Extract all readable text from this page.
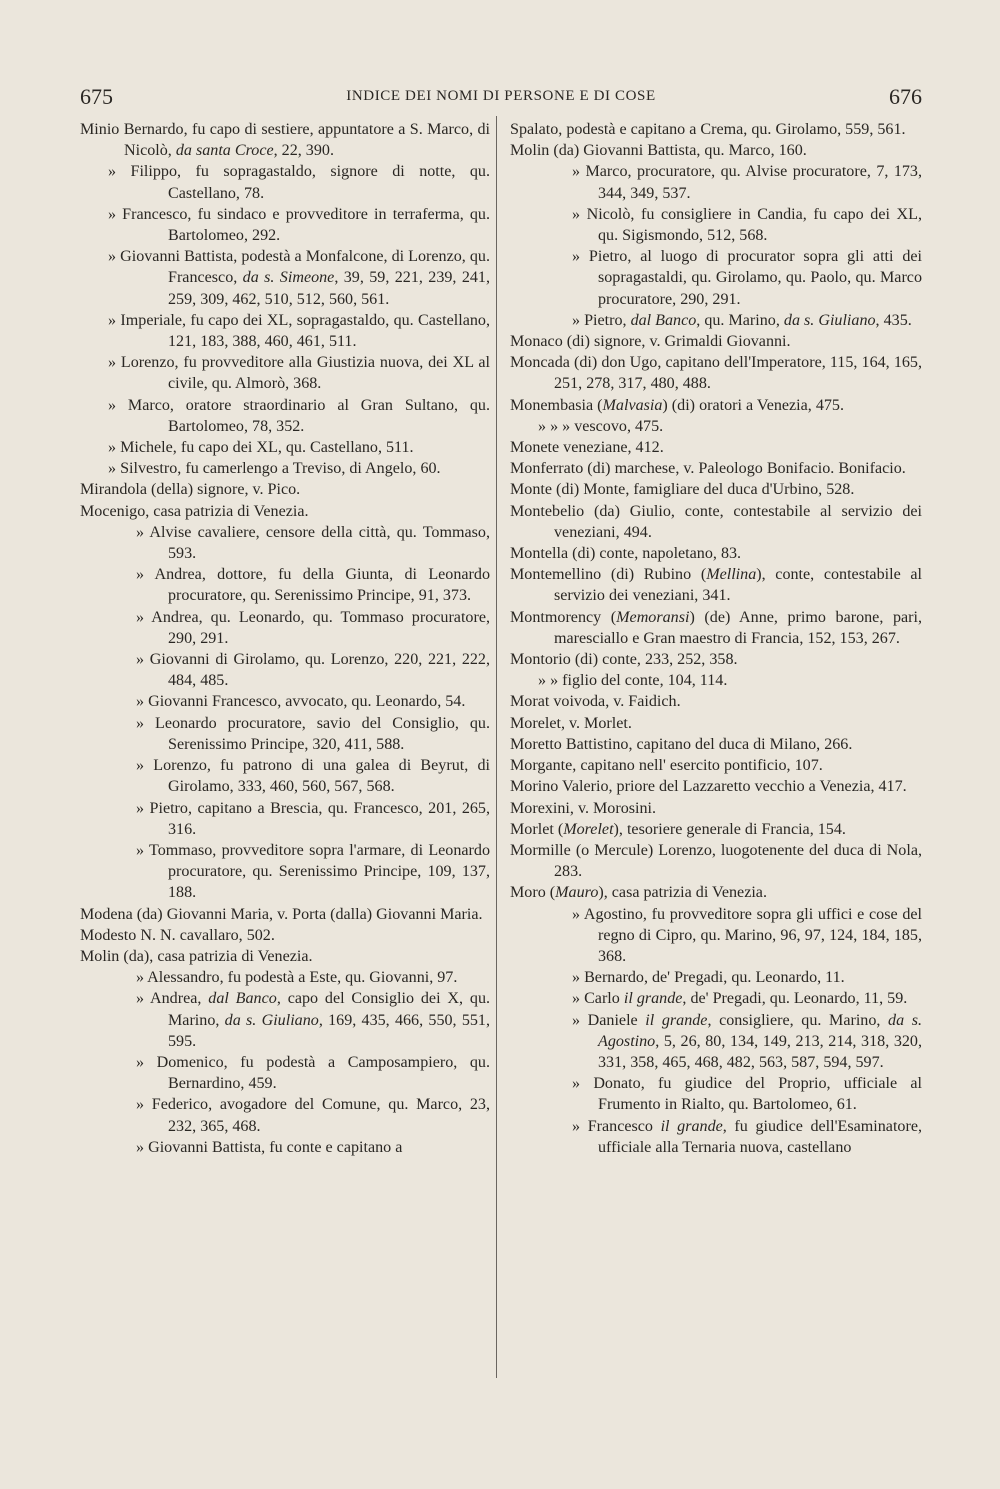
675	INDICE DEI NOMI DI PERSONE E DI COSE	676

Minio Bernardo, fu capo di sestiere, appuntatore a S. Marco, di Nicolò, da santa Croce, 22, 390.

» Filippo, fu sopragastaldo, signore di notte, qu. Castellano, 78.

» Francesco, fu sindaco e provveditore in terraferma, qu. Bartolomeo, 292.

» Giovanni Battista, podestà a Monfalcone, di Lorenzo, qu. Francesco, da s. Simeone, 39, 59, 221, 239, 241, 259, 309, 462, 510, 512, 560, 561.

» Imperiale, fu capo dei XL, sopragastaldo, qu. Castellano, 121, 183, 388, 460, 461, 511.

» Lorenzo, fu provveditore alla Giustizia nuova, dei XL al civile, qu. Almorò, 368.

» Marco, oratore straordinario al Gran Sultano, qu. Bartolomeo, 78, 352.

» Michele, fu capo dei XL, qu. Castellano, 511.

» Silvestro, fu camerlengo a Treviso, di Angelo, 60.

Mirandola (della) signore, v. Pico.

Mocenigo, casa patrizia di Venezia.

» Alvise cavaliere, censore della città, qu. Tommaso, 593.

» Andrea, dottore, fu della Giunta, di Leonardo procuratore, qu. Serenissimo Principe, 91, 373.

» Andrea, qu. Leonardo, qu. Tommaso procuratore, 290, 291.

» Giovanni di Girolamo, qu. Lorenzo, 220, 221, 222, 484, 485.

» Giovanni Francesco, avvocato, qu. Leonardo, 54.

» Leonardo procuratore, savio del Consiglio, qu. Serenissimo Principe, 320, 411, 588.

» Lorenzo, fu patrono di una galea di Beyrut, di Girolamo, 333, 460, 560, 567, 568.

» Pietro, capitano a Brescia, qu. Francesco, 201, 265, 316.

» Tommaso, provveditore sopra l'armare, di Leonardo procuratore, qu. Serenissimo Principe, 109, 137, 188.

Modena (da) Giovanni Maria, v. Porta (dalla) Giovanni Maria.

Modesto N. N. cavallaro, 502.

Molin (da), casa patrizia di Venezia.

» Alessandro, fu podestà a Este, qu. Giovanni, 97.

» Andrea, dal Banco, capo del Consiglio dei X, qu. Marino, da s. Giuliano, 169, 435, 466, 550, 551, 595.

» Domenico, fu podestà a Camposampiero, qu. Bernardino, 459.

» Federico, avogadore del Comune, qu. Marco, 23, 232, 365, 468.

» Giovanni Battista, fu conte e capitano a

Spalato, podestà e capitano a Crema, qu. Girolamo, 559, 561.

Molin (da) Giovanni Battista, qu. Marco, 160.

» Marco, procuratore, qu. Alvise procuratore, 7, 173, 344, 349, 537.

» Nicolò, fu consigliere in Candia, fu capo dei XL, qu. Sigismondo, 512, 568.

» Pietro, al luogo di procurator sopra gli atti dei sopragastaldi, qu. Girolamo, qu. Paolo, qu. Marco procuratore, 290, 291.

» Pietro, dal Banco, qu. Marino, da s. Giuliano, 435.

Monaco (di) signore, v. Grimaldi Giovanni.

Moncada (di) don Ugo, capitano dell'Imperatore, 115, 164, 165, 251, 278, 317, 480, 488.

Monembasia (Malvasia) (di) oratori a Venezia, 475.

» » » vescovo, 475.

Monete veneziane, 412.

Monferrato (di) marchese, v. Paleologo Bonifacio. Bonifacio.

Monte (di) Monte, famigliare del duca d'Urbino, 528.

Montebelio (da) Giulio, conte, contestabile al servizio dei veneziani, 494.

Montella (di) conte, napoletano, 83.

Montemellino (di) Rubino (Mellina), conte, contestabile al servizio dei veneziani, 341.

Montmorency (Memoransi) (de) Anne, primo barone, pari, maresciallo e Gran maestro di Francia, 152, 153, 267.

Montorio (di) conte, 233, 252, 358.

» » figlio del conte, 104, 114.

Morat voivoda, v. Faidich.

Morelet, v. Morlet.

Moretto Battistino, capitano del duca di Milano, 266.

Morgante, capitano nell' esercito pontificio, 107.

Morino Valerio, priore del Lazzaretto vecchio a Venezia, 417.

Morexini, v. Morosini.

Morlet (Morelet), tesoriere generale di Francia, 154.

Mormille (o Mercule) Lorenzo, luogotenente del duca di Nola, 283.

Moro (Mauro), casa patrizia di Venezia.

» Agostino, fu provveditore sopra gli uffici e cose del regno di Cipro, qu. Marino, 96, 97, 124, 184, 185, 368.

» Bernardo, de' Pregadi, qu. Leonardo, 11.

» Carlo il grande, de' Pregadi, qu. Leonardo, 11, 59.

» Daniele il grande, consigliere, qu. Marino, da s. Agostino, 5, 26, 80, 134, 149, 213, 214, 318, 320, 331, 358, 465, 468, 482, 563, 587, 594, 597.

» Donato, fu giudice del Proprio, ufficiale al Frumento in Rialto, qu. Bartolomeo, 61.

» Francesco il grande, fu giudice dell'Esaminatore, ufficiale alla Ternaria nuova, castellano
